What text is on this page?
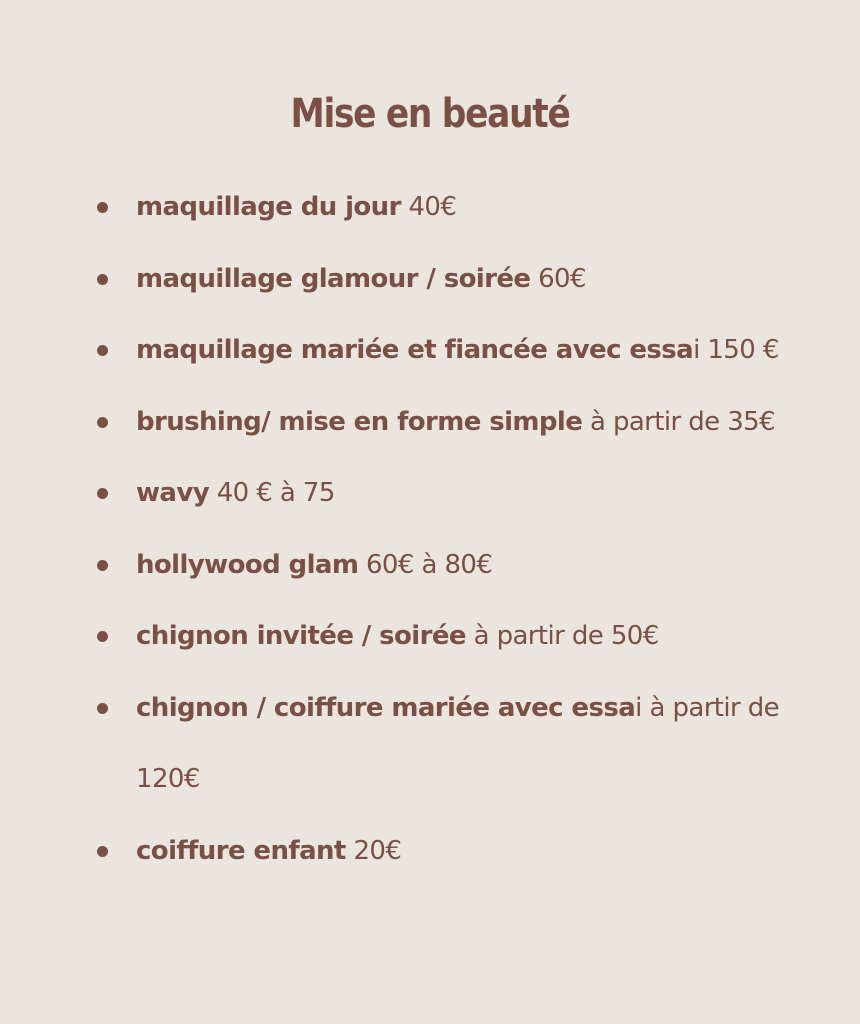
Mise en beauté
maquillage du jour 40€
maquillage glamour / soirée 60€
maquillage mariée et fiancée avec essai 150 €
brushing/ mise en forme simple à partir de 35€
wavy 40 € à 75
hollywood glam 60€ à 80€
chignon invitée / soirée à partir de 50€
chignon / coiffure mariée avec essai à partir de 120€
coiffure enfant 20€
